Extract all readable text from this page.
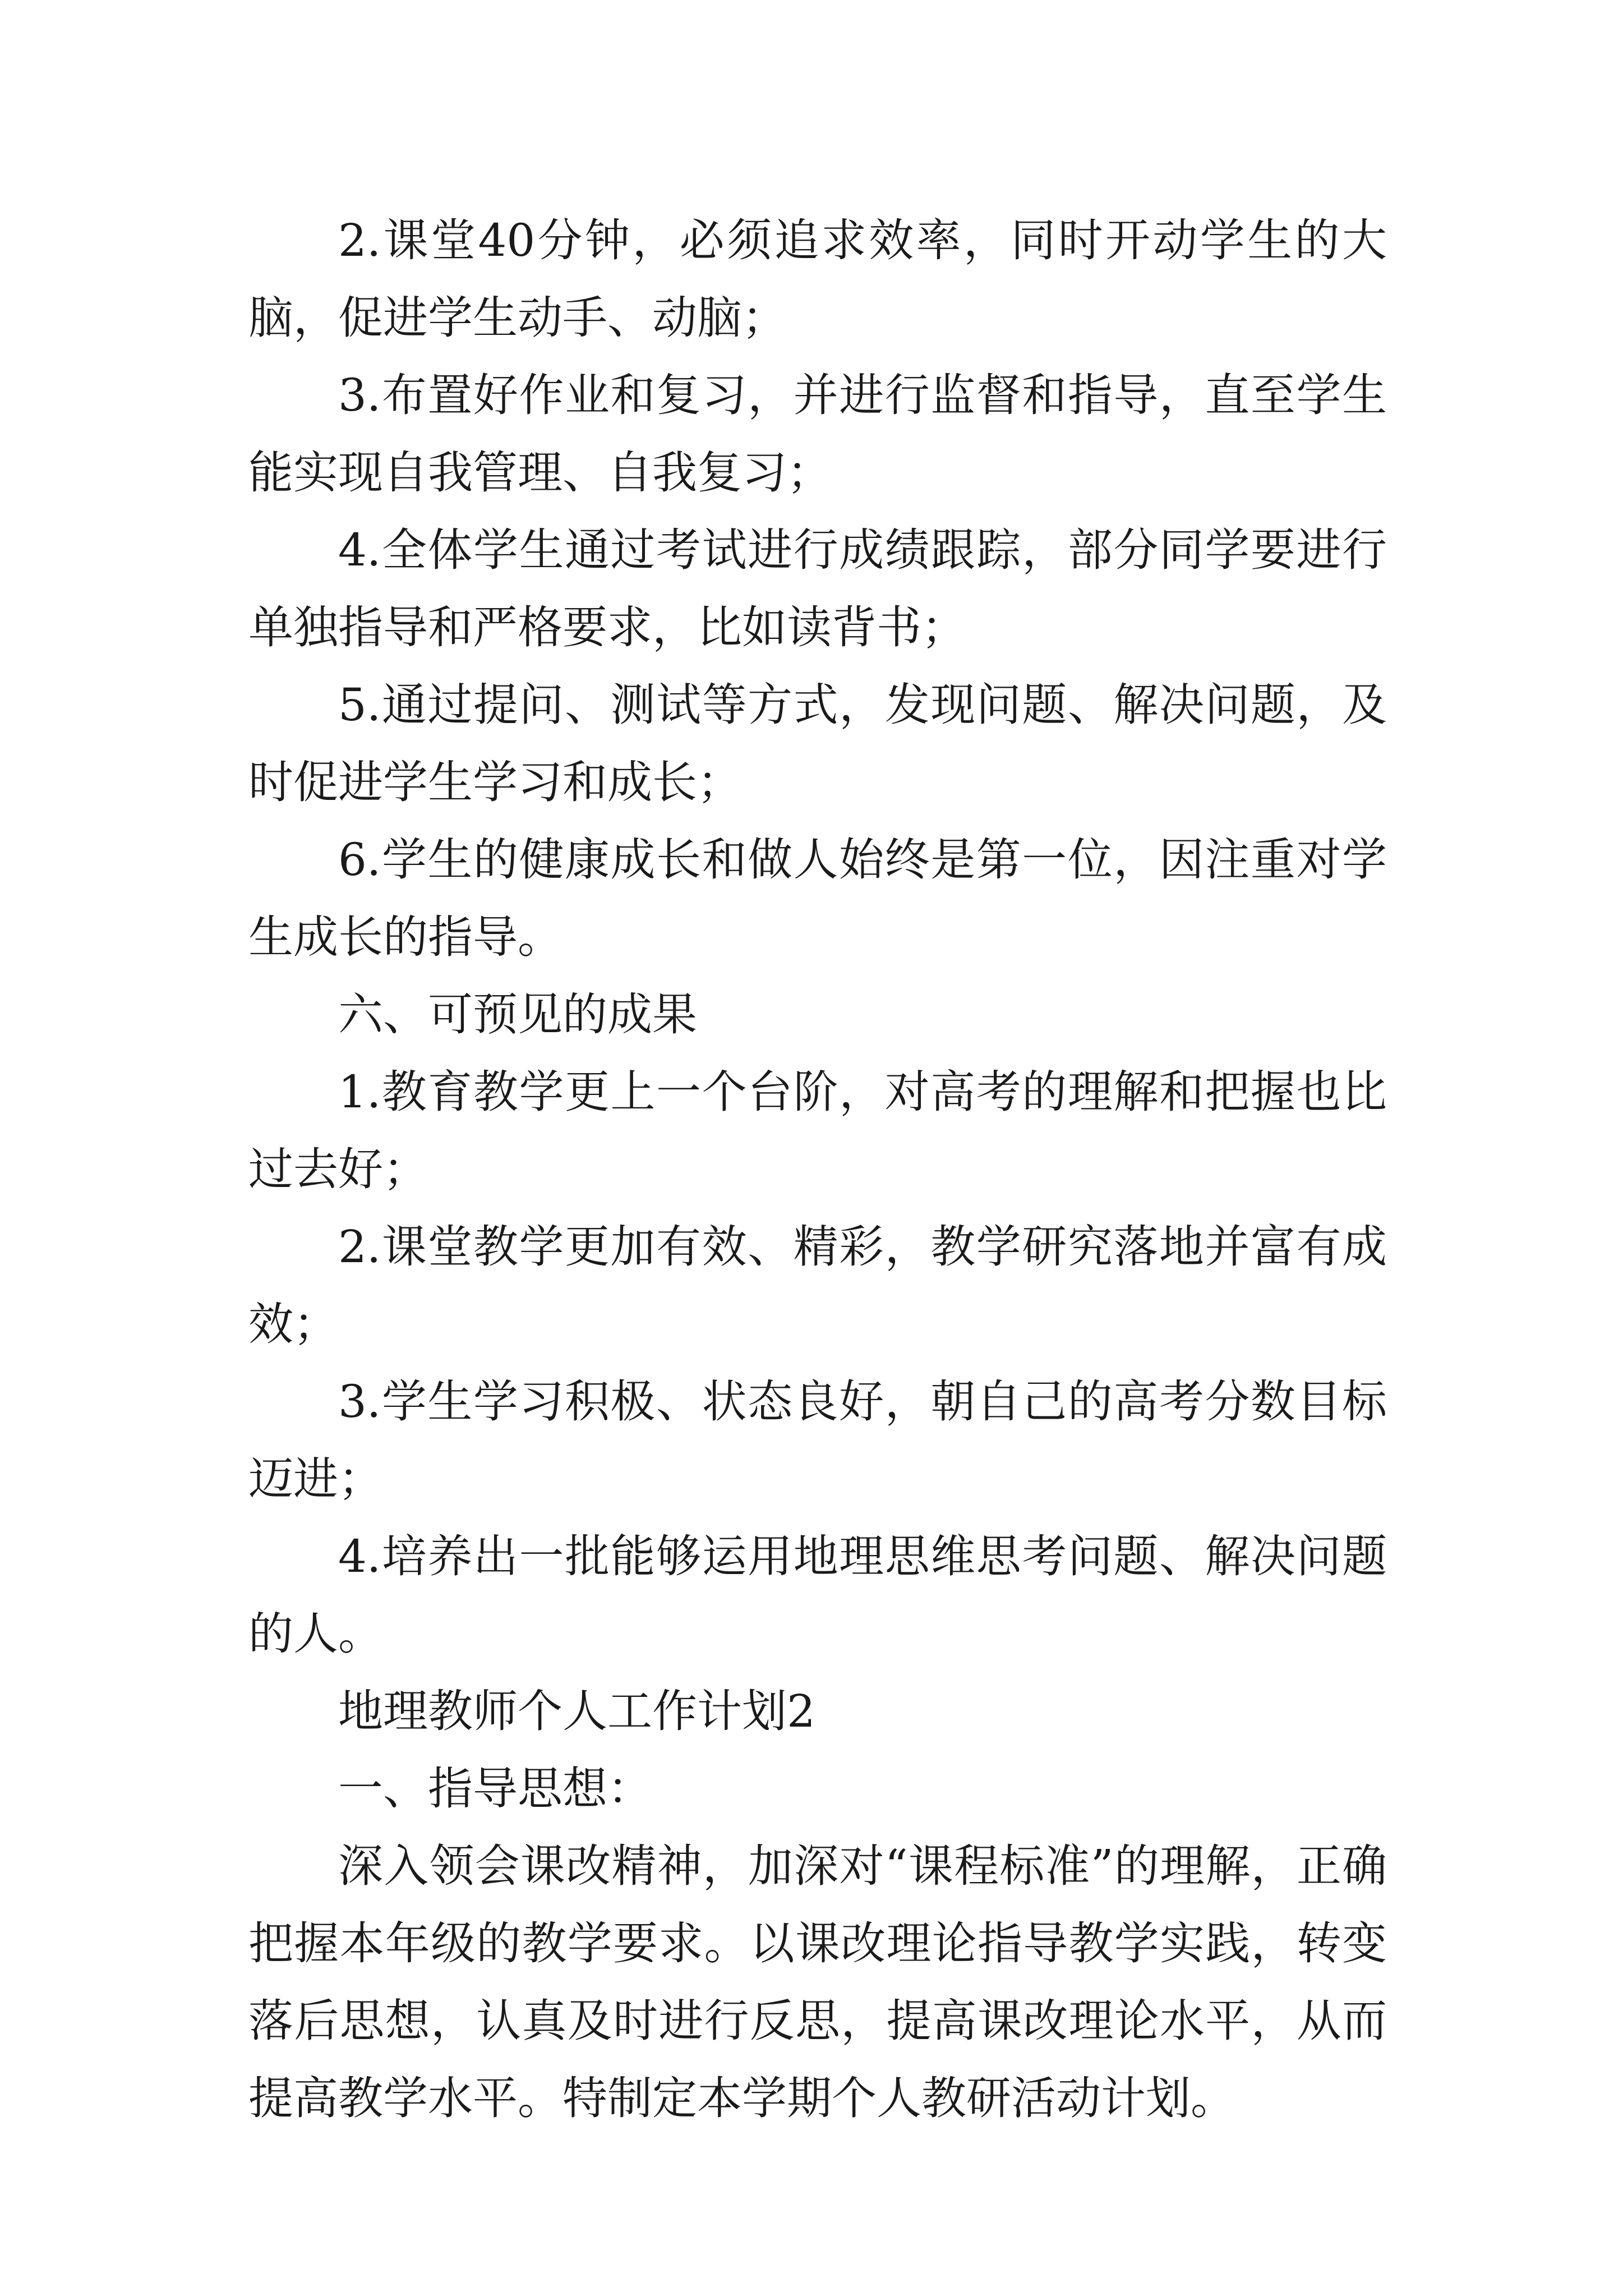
2.课堂40分钟，必须追求效率，同时开动学生的大脑，促进学生动手、动脑；

3.布置好作业和复习，并进行监督和指导，直至学生能实现自我管理、自我复习；

4.全体学生通过考试进行成绩跟踪，部分同学要进行单独指导和严格要求，比如读背书；

5.通过提问、测试等方式，发现问题、解决问题，及时促进学生学习和成长；

6.学生的健康成长和做人始终是第一位，因注重对学生成长的指导。

六、可预见的成果

1.教育教学更上一个台阶，对高考的理解和把握也比过去好；

2.课堂教学更加有效、精彩，教学研究落地并富有成效；

3.学生学习积极、状态良好，朝自己的高考分数目标迈进；

4.培养出一批能够运用地理思维思考问题、解决问题的人。

地理教师个人工作计划2

一、指导思想：

深入领会课改精神，加深对“课程标准”的理解，正确把握本年级的教学要求。以课改理论指导教学实践，转变落后思想，认真及时进行反思，提高课改理论水平，从而提高教学水平。特制定本学期个人教研活动计划。
